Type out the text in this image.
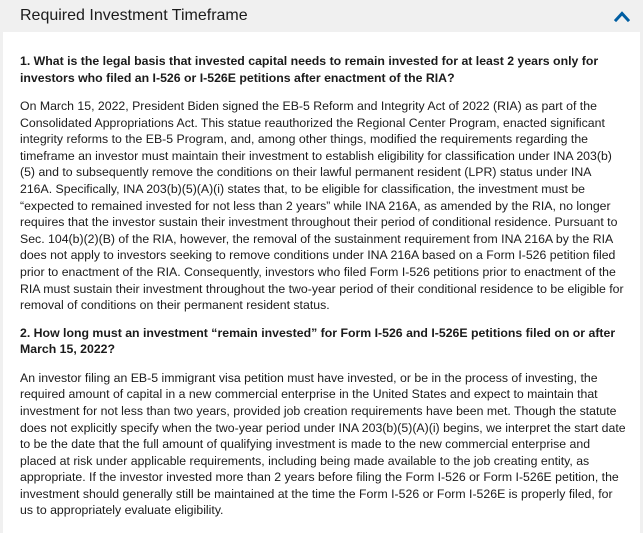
Required Investment Timeframe

1. What is the legal basis that invested capital needs to remain invested for at least 2 years only for investors who filed an I-526 or I-526E petitions after enactment of the RIA?

On March 15, 2022, President Biden signed the EB-5 Reform and Integrity Act of 2022 (RIA) as part of the Consolidated Appropriations Act. This statue reauthorized the Regional Center Program, enacted significant integrity reforms to the EB-5 Program, and, among other things, modified the requirements regarding the timeframe an investor must maintain their investment to establish eligibility for classification under INA 203(b)(5) and to subsequently remove the conditions on their lawful permanent resident (LPR) status under INA 216A. Specifically, INA 203(b)(5)(A)(i) states that, to be eligible for classification, the investment must be “expected to remained invested for not less than 2 years” while INA 216A, as amended by the RIA, no longer requires that the investor sustain their investment throughout their period of conditional residence. Pursuant to Sec. 104(b)(2)(B) of the RIA, however, the removal of the sustainment requirement from INA 216A by the RIA does not apply to investors seeking to remove conditions under INA 216A based on a Form I-526 petition filed prior to enactment of the RIA. Consequently, investors who filed Form I-526 petitions prior to enactment of the RIA must sustain their investment throughout the two-year period of their conditional residence to be eligible for removal of conditions on their permanent resident status.

2. How long must an investment “remain invested” for Form I-526 and I-526E petitions filed on or after March 15, 2022?

An investor filing an EB-5 immigrant visa petition must have invested, or be in the process of investing, the required amount of capital in a new commercial enterprise in the United States and expect to maintain that investment for not less than two years, provided job creation requirements have been met. Though the statute does not explicitly specify when the two-year period under INA 203(b)(5)(A)(i) begins, we interpret the start date to be the date that the full amount of qualifying investment is made to the new commercial enterprise and placed at risk under applicable requirements, including being made available to the job creating entity, as appropriate. If the investor invested more than 2 years before filing the Form I-526 or Form I-526E petition, the investment should generally still be maintained at the time the Form I-526 or Form I-526E is properly filed, for us to appropriately evaluate eligibility.
